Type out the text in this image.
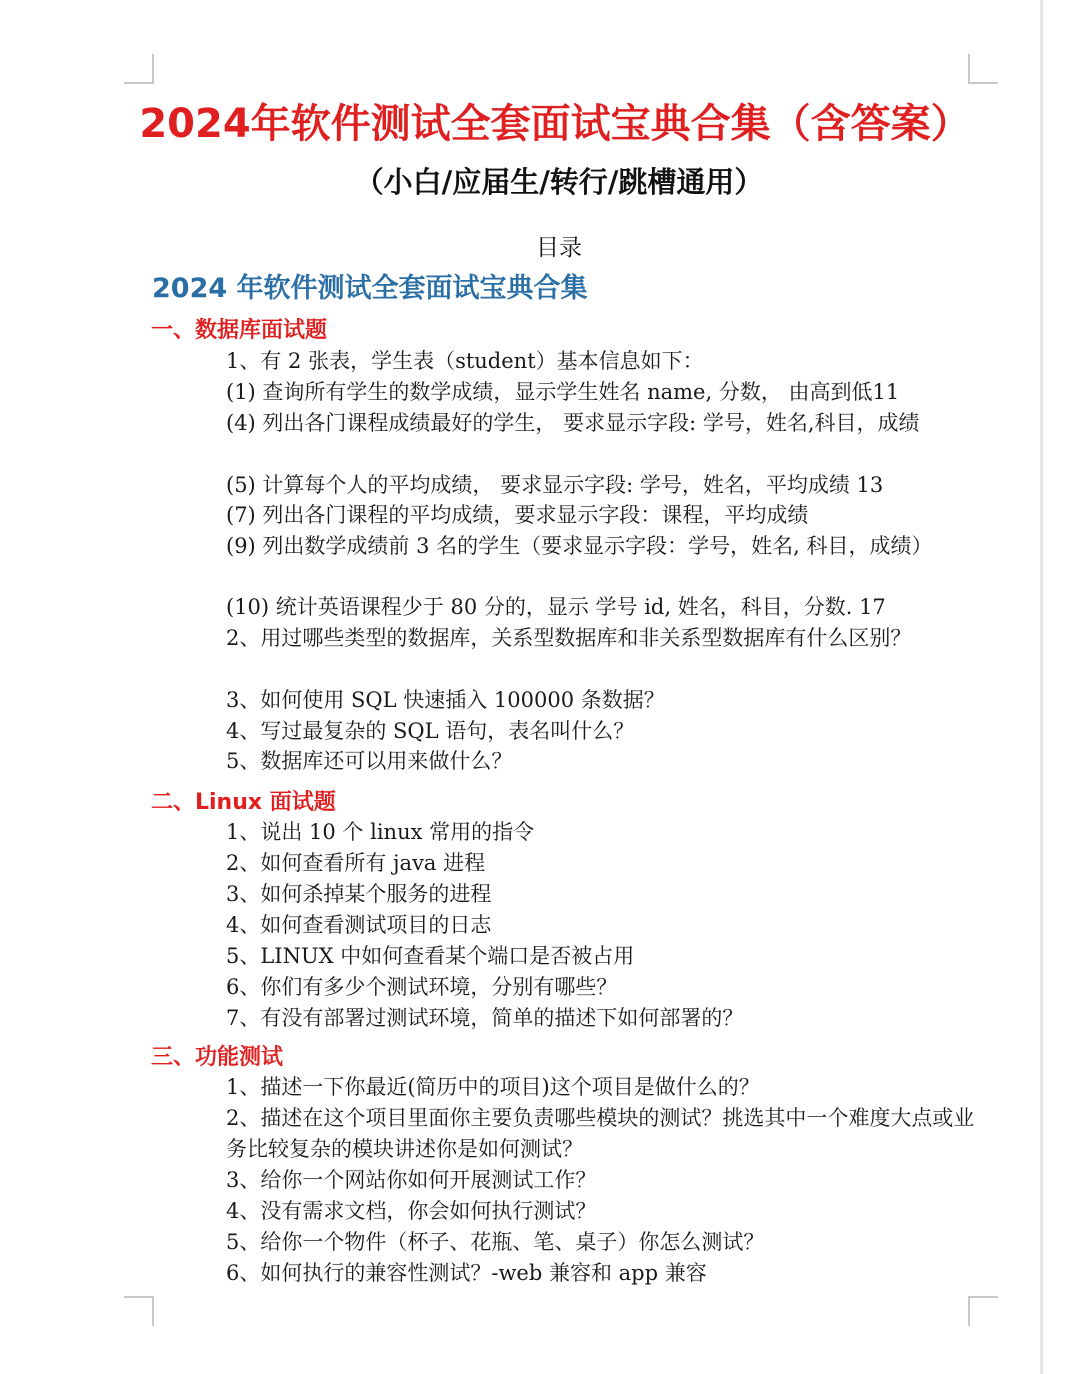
2024年软件测试全套面试宝典合集（含答案）
（小白/应届生/转行/跳槽通用）
目录
2024 年软件测试全套面试宝典合集
一、数据库面试题
1、有 2 张表，学生表（student）基本信息如下：
(1) 查询所有学生的数学成绩，显示学生姓名 name, 分数， 由高到低11
(4) 列出各门课程成绩最好的学生， 要求显示字段: 学号，姓名,科目，成绩
(5) 计算每个人的平均成绩， 要求显示字段: 学号，姓名，平均成绩 13
(7) 列出各门课程的平均成绩，要求显示字段：课程，平均成绩
(9) 列出数学成绩前 3 名的学生（要求显示字段：学号，姓名, 科目，成绩）
(10) 统计英语课程少于 80 分的，显示 学号 id, 姓名，科目，分数. 17
2、用过哪些类型的数据库，关系型数据库和非关系型数据库有什么区别？
3、如何使用 SQL 快速插入 100000 条数据？
4、写过最复杂的 SQL 语句，表名叫什么？
5、数据库还可以用来做什么？
二、Linux 面试题
1、说出 10 个 linux 常用的指令
2、如何查看所有 java 进程
3、如何杀掉某个服务的进程
4、如何查看测试项目的日志
5、LINUX 中如何查看某个端口是否被占用
6、你们有多少个测试环境，分别有哪些？
7、有没有部署过测试环境，简单的描述下如何部署的？
三、功能测试
1、描述一下你最近(简历中的项目)这个项目是做什么的？
2、描述在这个项目里面你主要负责哪些模块的测试？挑选其中一个难度大点或业务比较复杂的模块讲述你是如何测试？
3、给你一个网站你如何开展测试工作？
4、没有需求文档，你会如何执行测试？
5、给你一个物件（杯子、花瓶、笔、桌子）你怎么测试？
6、如何执行的兼容性测试？-web 兼容和 app 兼容
